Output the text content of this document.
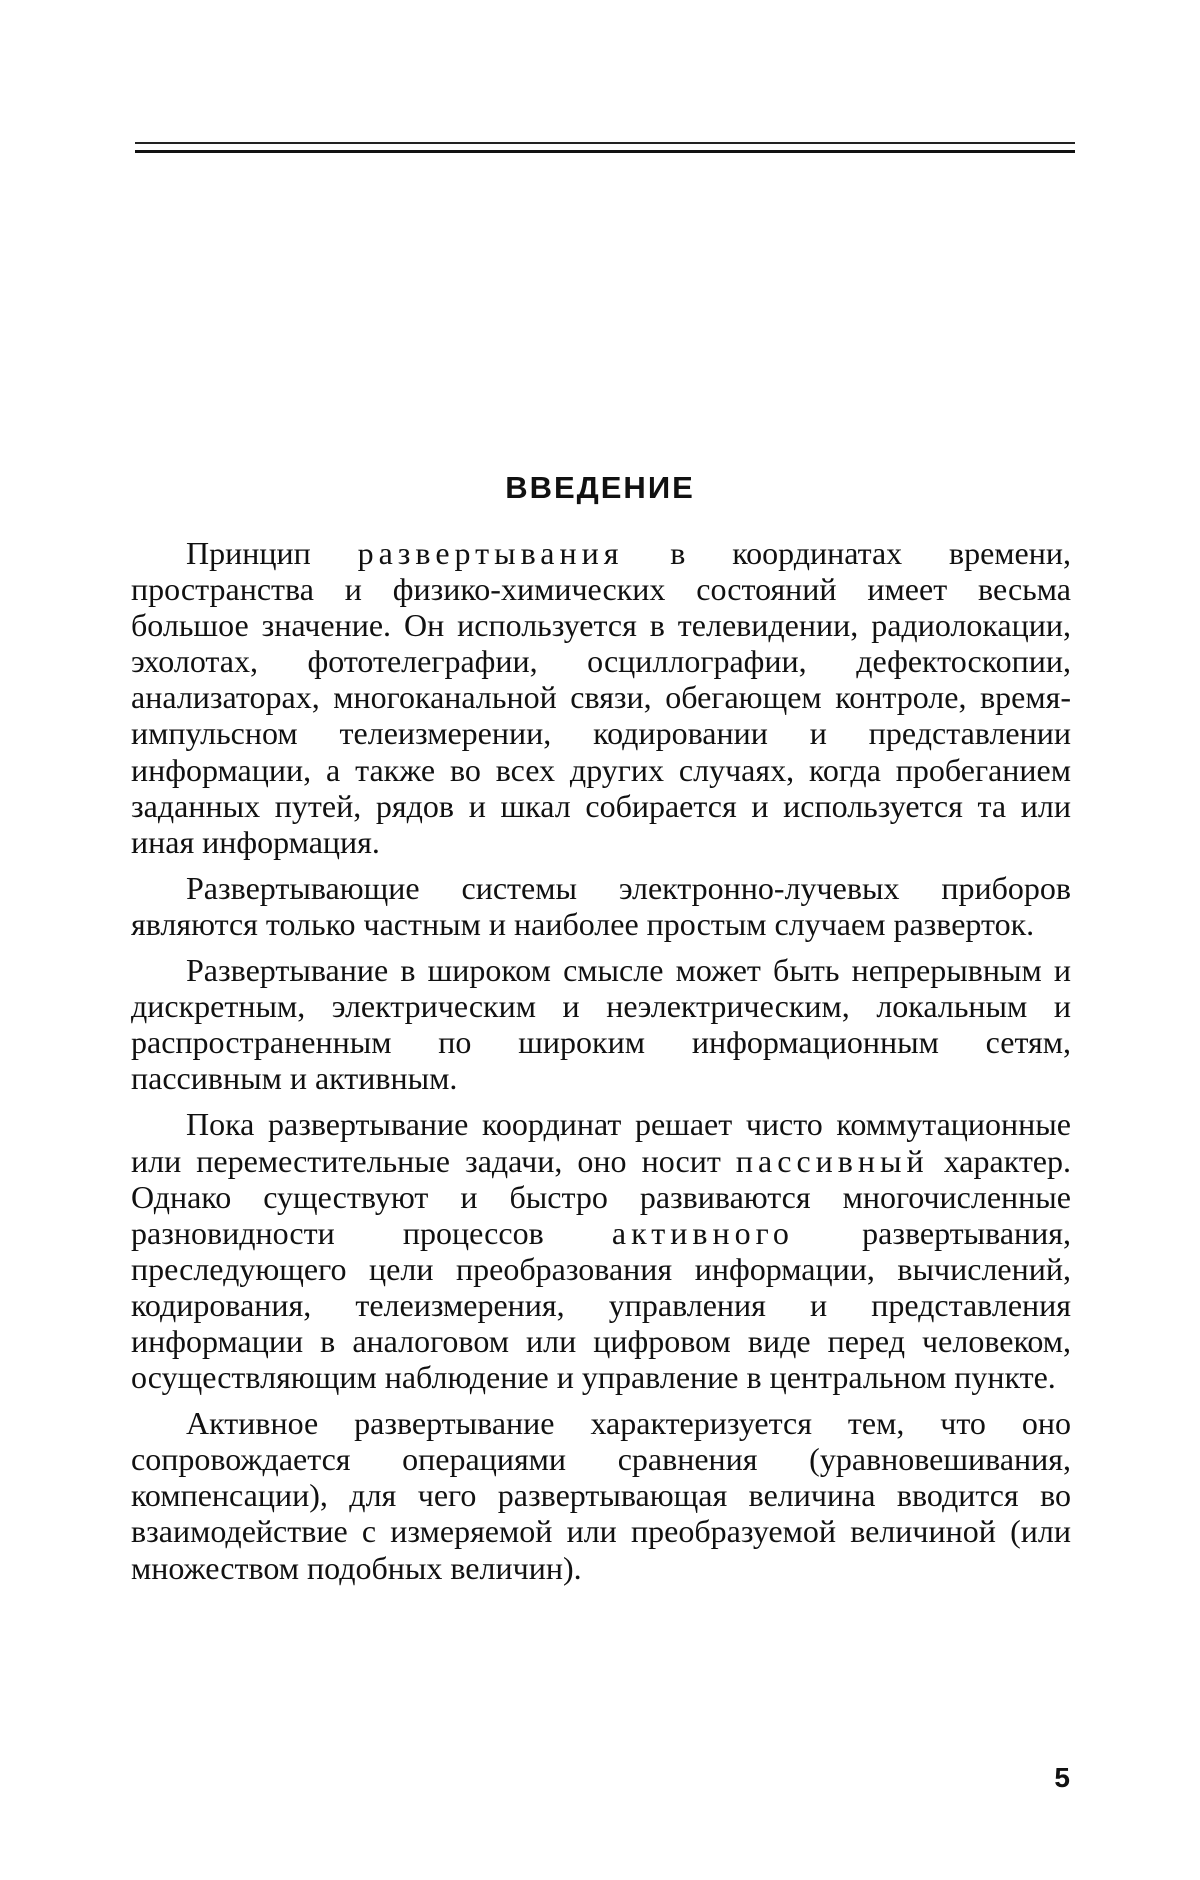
ВВЕДЕНИЕ

Принцип развертывания в координатах времени, пространства и физико-химических состояний имеет весьма большое значение. Он используется в телевидении, радиолокации, эхолотах, фототелеграфии, осциллографии, дефектоскопии, анализаторах, многоканальной связи, обегающем контроле, время-импульсном телеизмерении, кодировании и представлении информации, а также во всех других случаях, когда пробеганием заданных путей, рядов и шкал собирается и используется та или иная информация.

Развертывающие системы электронно-лучевых приборов являются только частным и наиболее простым случаем разверток.

Развертывание в широком смысле может быть непрерывным и дискретным, электрическим и неэлектрическим, локальным и распространенным по широким информационным сетям, пассивным и активным.

Пока развертывание координат решает чисто коммутационные или переместительные задачи, оно носит пассивный характер. Однако существуют и быстро развиваются многочисленные разновидности процессов активного развертывания, преследующего цели преобразования информации, вычислений, кодирования, телеизмерения, управления и представления информации в аналоговом или цифровом виде перед человеком, осуществляющим наблюдение и управление в центральном пункте.

Активное развертывание характеризуется тем, что оно сопровождается операциями сравнения (уравновешивания, компенсации), для чего развертывающая величина вводится во взаимодействие с измеряемой или преобразуемой величиной (или множеством подобных величин).

5
